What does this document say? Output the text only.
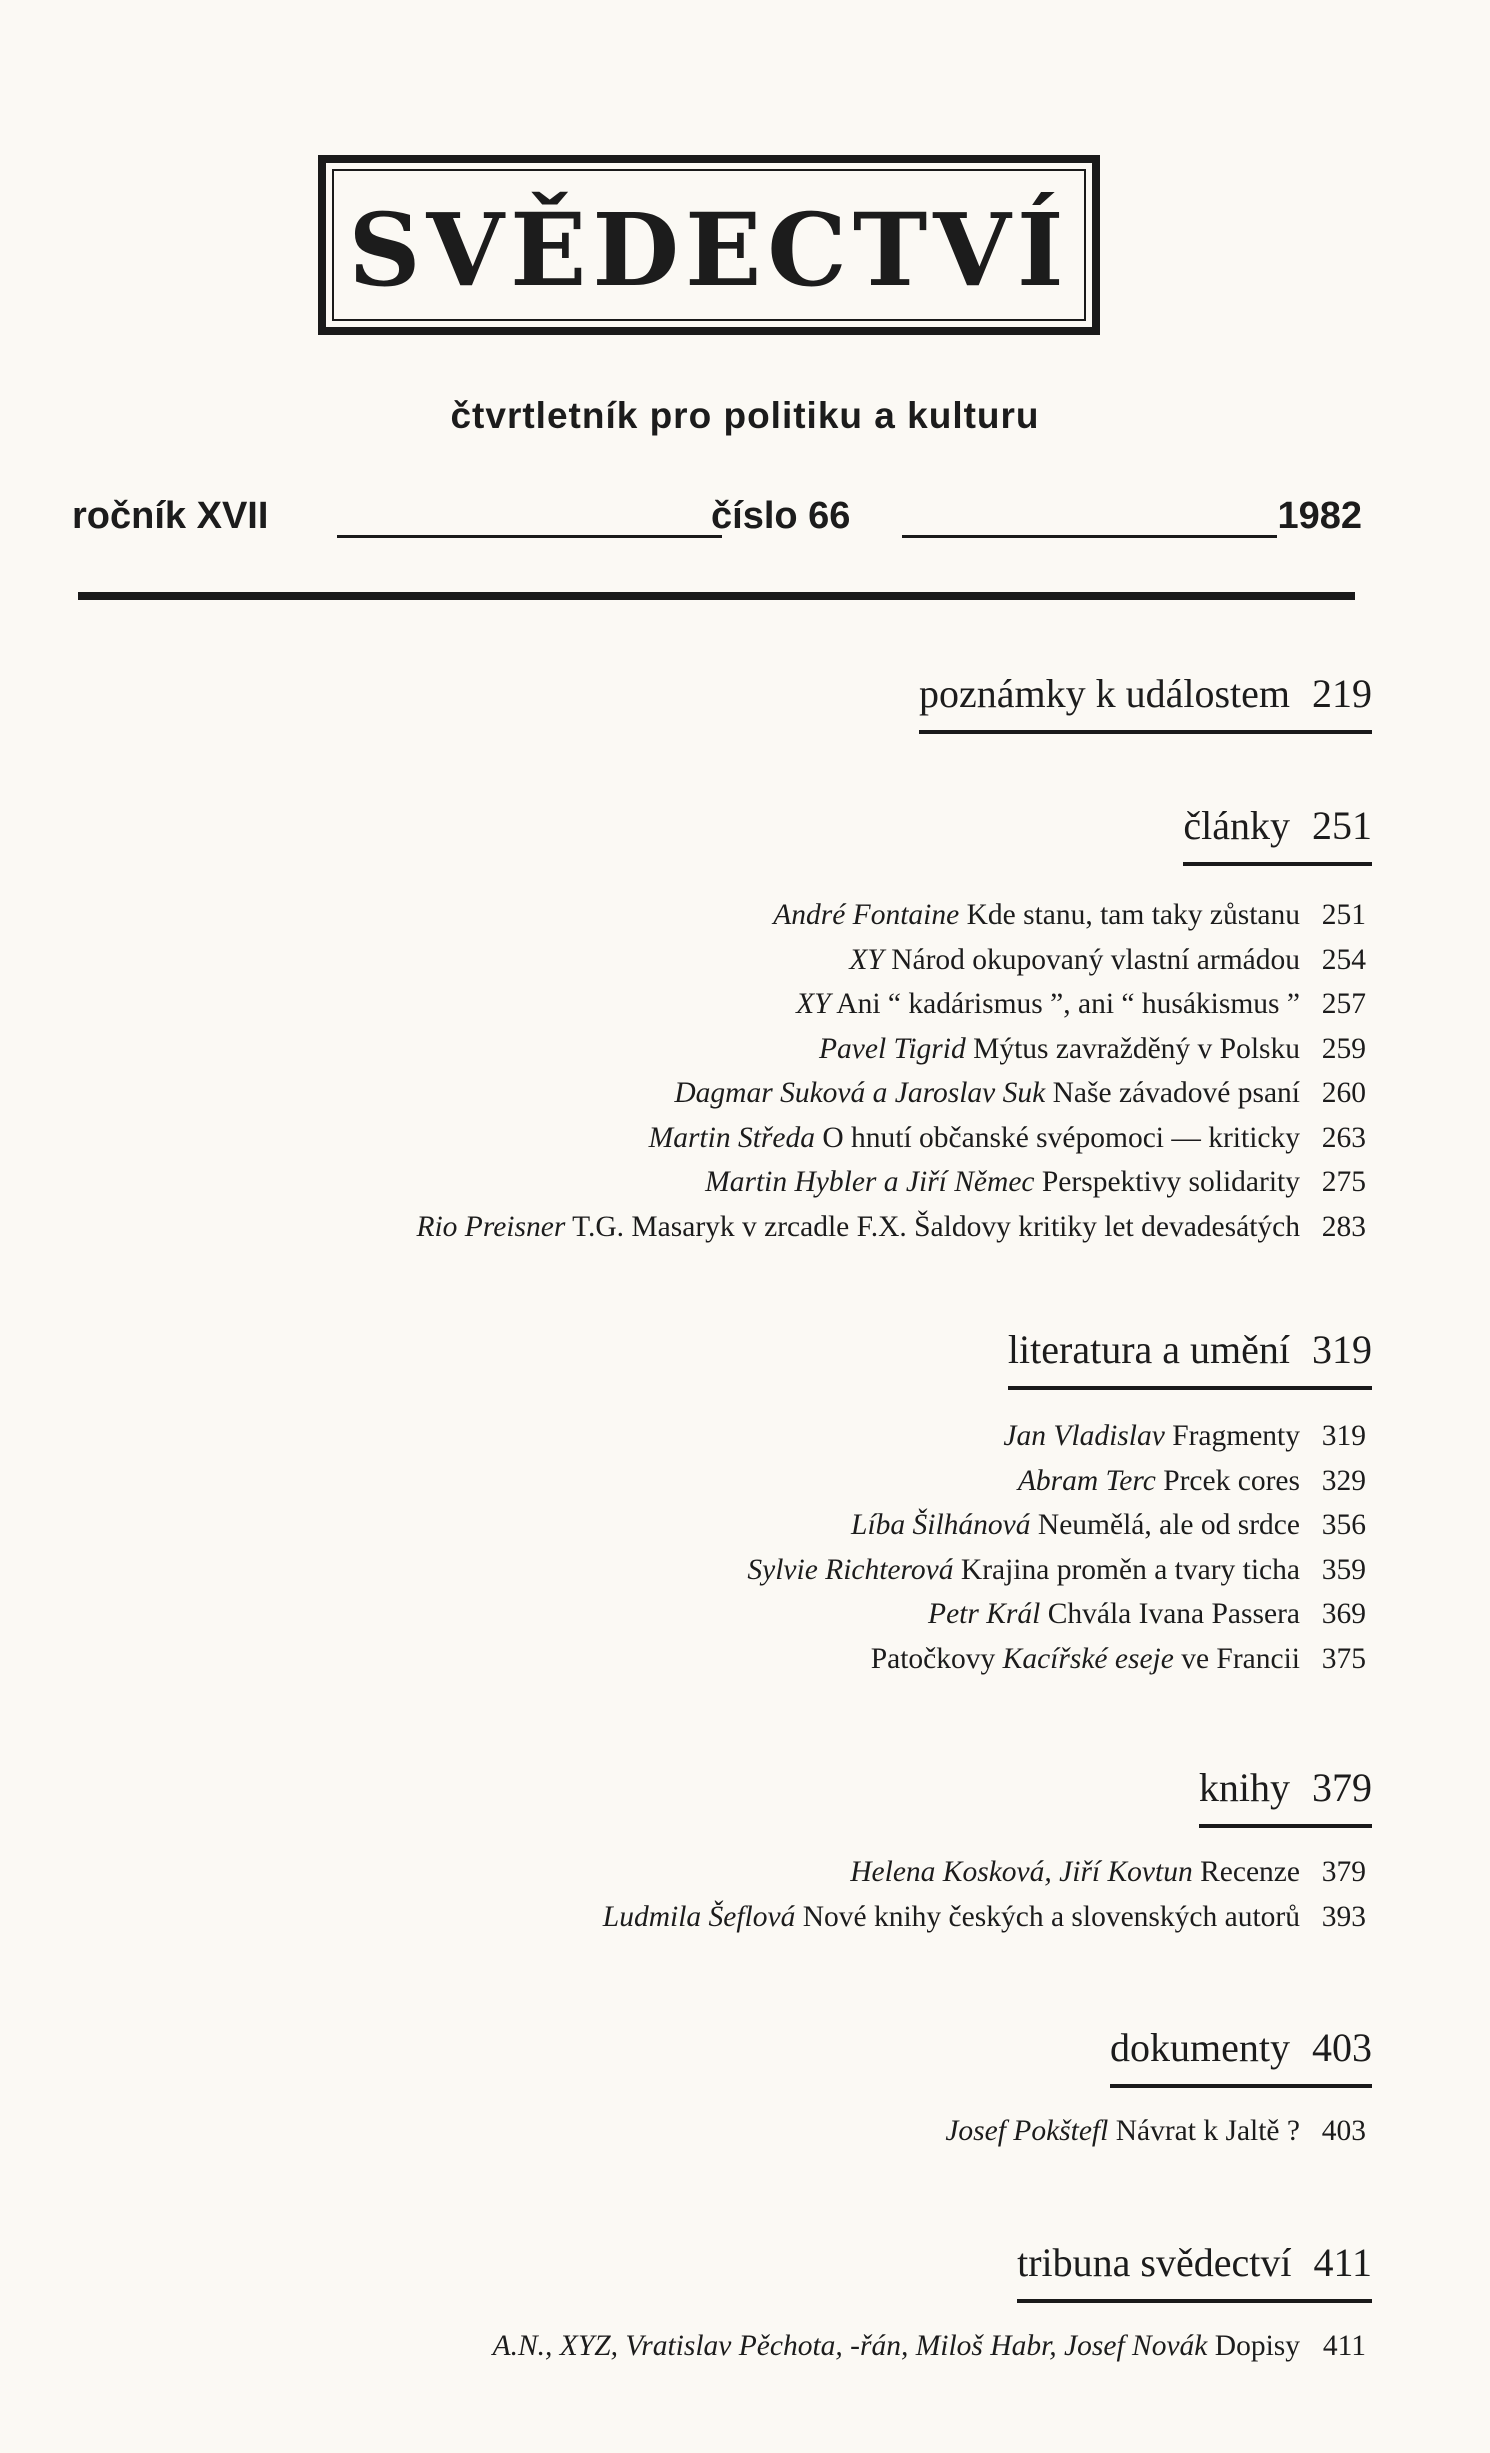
SVĚDECTVÍ
čtvrtletník pro politiku a kulturu
ročník XVII	číslo 66	1982
poznámky k událostem 219
články 251
André Fontaine Kde stanu, tam taky zůstanu 251
XY Národ okupovaný vlastní armádou 254
XY Ani “ kadárismus ”, ani “ husákismus ” 257
Pavel Tigrid Mýtus zavražděný v Polsku 259
Dagmar Suková a Jaroslav Suk Naše závadové psaní 260
Martin Středa O hnutí občanské svépomoci — kriticky 263
Martin Hybler a Jiří Němec Perspektivy solidarity 275
Rio Preisner T.G. Masaryk v zrcadle F.X. Šaldovy kritiky let devadesátých 283
literatura a umění 319
Jan Vladislav Fragmenty 319
Abram Terc Prcek cores 329
Líba Šilhánová Neumělá, ale od srdce 356
Sylvie Richterová Krajina proměn a tvary ticha 359
Petr Král Chvála Ivana Passera 369
Patočkovy Kacířské eseje ve Francii 375
knihy 379
Helena Kosková, Jiří Kovtun Recenze 379
Ludmila Šeflová Nové knihy českých a slovenských autorů 393
dokumenty 403
Josef Pokštefl Návrat k Jaltě ? 403
tribuna svědectví 411
A.N., XYZ, Vratislav Pěchota, -řán, Miloš Habr, Josef Novák Dopisy 411
